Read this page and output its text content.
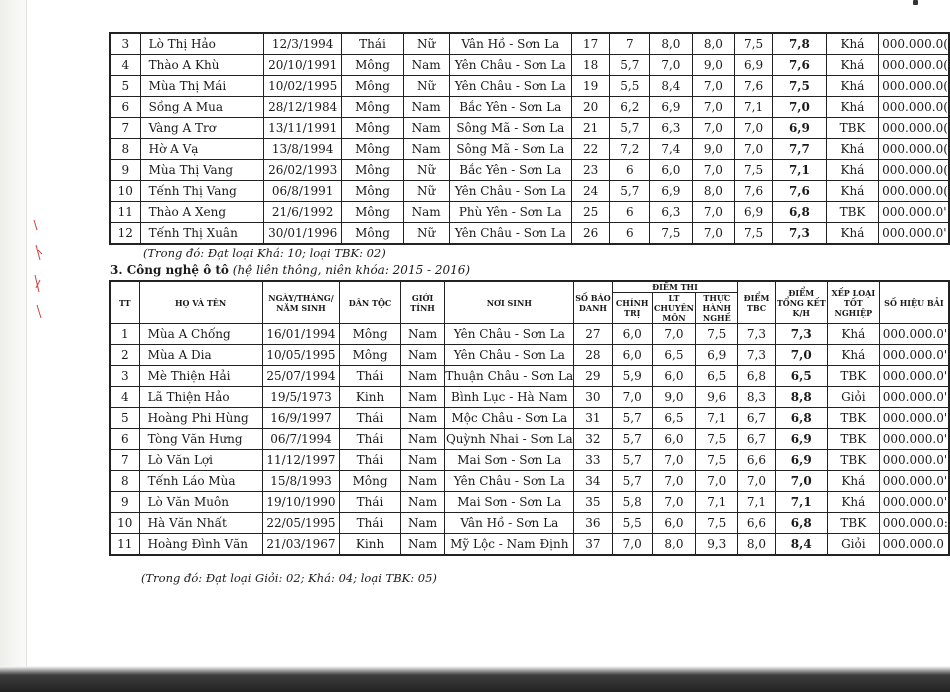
3	Lò Thị Hảo	12/3/1994	Thái	Nữ	Vân Hồ - Sơn La	17	7	8,0	8,0	7,5	7,8	Khá	000.000.0(
4	Thào A Khù	20/10/1991	Mông	Nam	Yên Châu - Sơn La	18	5,7	7,0	9,0	6,9	7,6	Khá	000.000.0(
5	Mùa Thị Mái	10/02/1995	Mông	Nữ	Yên Châu - Sơn La	19	5,5	8,4	7,0	7,6	7,5	Khá	000.000.0(
6	Sồng A Mua	28/12/1984	Mông	Nam	Bắc Yên - Sơn La	20	6,2	6,9	7,0	7,1	7,0	Khá	000.000.0(
7	Vàng A Trơ	13/11/1991	Mông	Nam	Sông Mã - Sơn La	21	5,7	6,3	7,0	7,0	6,9	TBK	000.000.0(
8	Hờ A Vạ	13/8/1994	Mông	Nam	Sông Mã - Sơn La	22	7,2	7,4	9,0	7,0	7,7	Khá	000.000.0(
9	Mùa Thị Vang	26/02/1993	Mông	Nữ	Bắc Yên - Sơn La	23	6	6,0	7,0	7,5	7,1	Khá	000.000.0(
10	Tếnh Thị Vang	06/8/1991	Mông	Nữ	Yên Châu - Sơn La	24	5,7	6,9	8,0	7,6	7,6	Khá	000.000.0(
11	Thào A Xeng	21/6/1992	Mông	Nam	Phù Yên - Sơn La	25	6	6,3	7,0	6,9	6,8	TBK	000.000.0'
12	Tếnh Thị Xuân	30/01/1996	Mông	Nữ	Yên Châu - Sơn La	26	6	7,5	7,0	7,5	7,3	Khá	000.000.0'
(Trong đó: Đạt loại Khá: 10; loại TBK: 02)
3. Công nghệ ô tô (hệ liên thông, niên khóa: 2015 - 2016)
TT	HỌ VÀ TÊN	NGÀY/THÁNG/ NĂM SINH	DÂN TỘC	GIỚI TÍNH	NƠI SINH	SỐ BÁO DANH	ĐIỂM THI			ĐIỂM TBC	ĐIỂM TỔNG KẾT K/H	XẾP LOẠI TỐT NGHIỆP	SỐ HIỆU BẢI
							CHÍNH TRỊ	LT CHUYÊN MÔN	THỰC HÀNH NGHỀ				
1	Mùa A Chống	16/01/1994	Mông	Nam	Yên Châu - Sơn La	27	6,0	7,0	7,5	7,3	7,3	Khá	000.000.0'
2	Mùa A Dia	10/05/1995	Mông	Nam	Yên Châu - Sơn La	28	6,0	6,5	6,9	7,3	7,0	Khá	000.000.0'
3	Mè Thiện Hải	25/07/1994	Thái	Nam	Thuận Châu - Sơn La	29	5,9	6,0	6,5	6,8	6,5	TBK	000.000.0'
4	Lã Thiện Hảo	19/5/1973	Kinh	Nam	Bình Lục - Hà Nam	30	7,0	9,0	9,6	8,3	8,8	Giỏi	000.000.0'
5	Hoàng Phi Hùng	16/9/1997	Thái	Nam	Mộc Châu - Sơn La	31	5,7	6,5	7,1	6,7	6,8	TBK	000.000.0'
6	Tòng Văn Hưng	06/7/1994	Thái	Nam	Quỳnh Nhai - Sơn La	32	5,7	6,0	7,5	6,7	6,9	TBK	000.000.0'
7	Lò Văn Lợi	11/12/1997	Thái	Nam	Mai Sơn - Sơn La	33	5,7	7,0	7,5	6,6	6,9	TBK	000.000.0'
8	Tếnh Láo Mùa	15/8/1993	Mông	Nam	Yên Châu - Sơn La	34	5,7	7,0	7,0	7,0	7,0	Khá	000.000.0'
9	Lò Văn Muôn	19/10/1990	Thái	Nam	Mai Sơn - Sơn La	35	5,8	7,0	7,1	7,1	7,1	Khá	000.000.0'
10	Hà Văn Nhất	22/05/1995	Thái	Nam	Vân Hồ - Sơn La	36	5,5	6,0	7,5	6,6	6,8	TBK	000.000.0:
11	Hoàng Đình Văn	21/03/1967	Kinh	Nam	Mỹ Lộc - Nam Định	37	7,0	8,0	9,3	8,0	8,4	Giỏi	000.000.0
(Trong đó: Đạt loại Giỏi: 02; Khá: 04; loại TBK: 05)
